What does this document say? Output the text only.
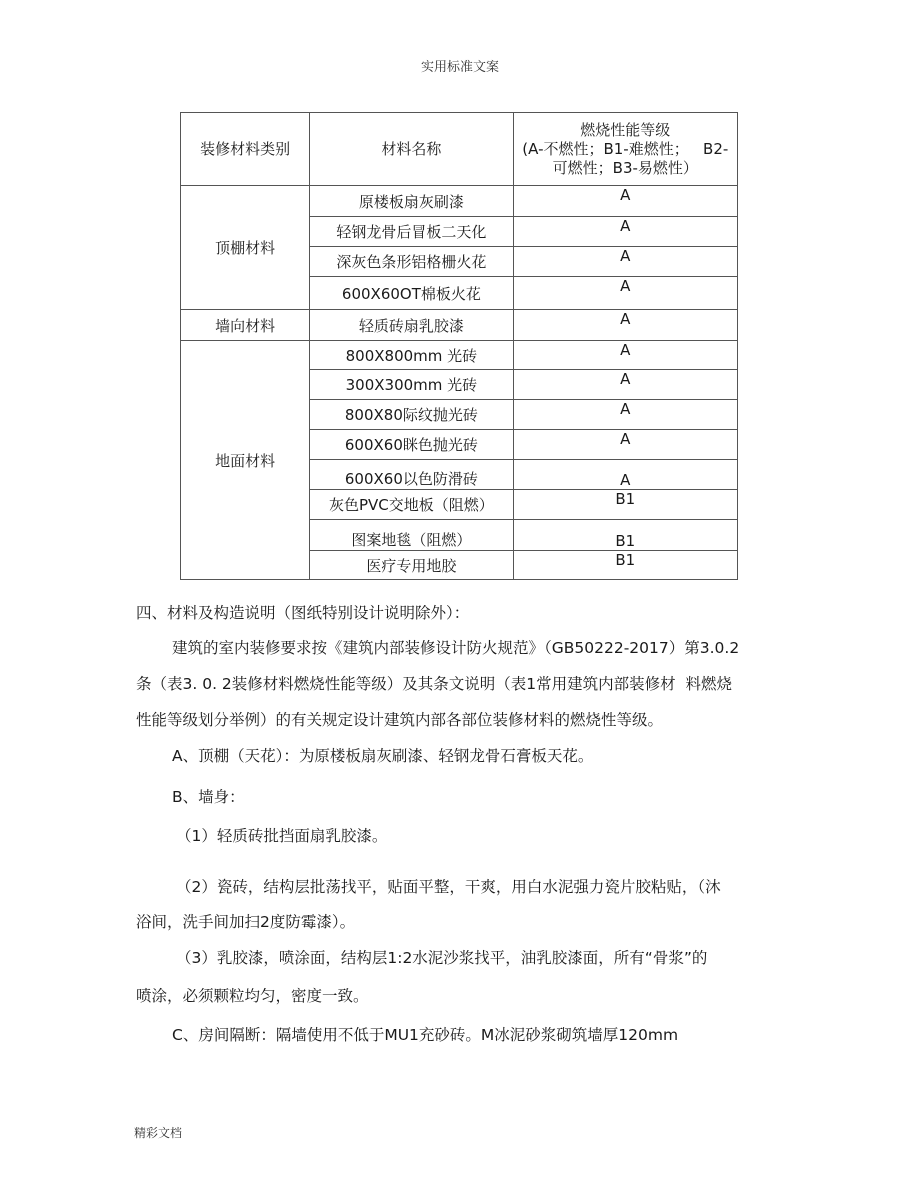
实用标准文案
装修材料类别	材料名称	燃烧性能等级
(A-不燃性；B1-难燃性；   B2-
可燃性；B3-易燃性）

顶棚材料	原楼板扇灰刷漆	A
	轻钢龙骨后冒板二天化	A
	深灰色条形铝格栅火花	A
	600X60OT棉板火花	A
墙向材料	轻质砖扇乳胶漆	A
地面材料	800X800mm 光砖	A
	300X300mm 光砖	A
	800X80际纹抛光砖	A
	600X60眯色抛光砖	A
	600X60以色防滑砖	A
	灰色PVC交地板（阻燃）	B1
	图案地毯（阻燃）	B1
	医疗专用地胶	B1
四、材料及构造说明（图纸特别设计说明除外）：
建筑的室内装修要求按《建筑内部装修设计防火规范》（GB50222-2017）第3.0.2
条（表3. 0. 2装修材料燃烧性能等级）及其条文说明（表1常用建筑内部装修材  料燃烧
性能等级划分举例）的有关规定设计建筑内部各部位装修材料的燃烧性等级。
A、顶棚（天花）：为原楼板扇灰刷漆、轻钢龙骨石膏板天花。
B、墙身：
（1）轻质砖批挡面扇乳胶漆。
（2）瓷砖，结构层批荡找平，贴面平整，干爽，用白水泥强力瓷片胶粘贴，（沐
浴间，洗手间加扫2度防霉漆）。
（3）乳胶漆，喷涂面，结构层1:2水泥沙浆找平，油乳胶漆面，所有“骨浆”的
喷涂，必须颗粒均匀，密度一致。
C、房间隔断：隔墙使用不低于MU1充砂砖。M冰泥砂浆砌筑墙厚120mm
精彩文档
